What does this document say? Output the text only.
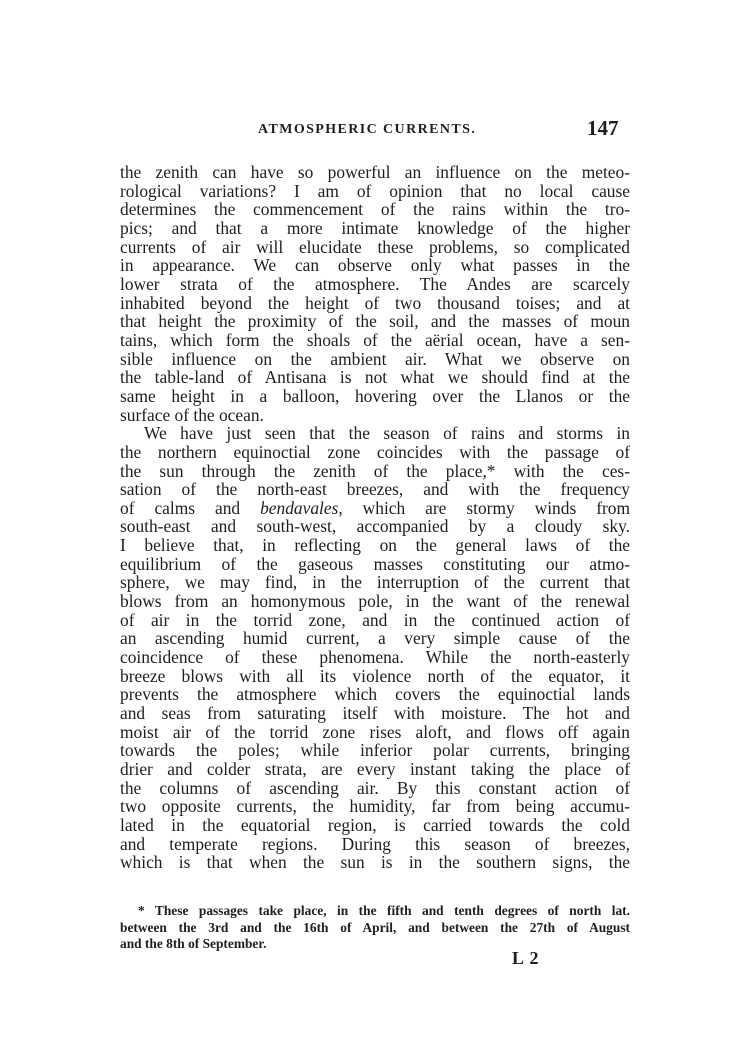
ATMOSPHERIC CURRENTS.	147
the zenith can have so powerful an influence on the meteo-
rological variations? I am of opinion that no local cause
determines the commencement of the rains within the tro-
pics; and that a more intimate knowledge of the higher
currents of air will elucidate these problems, so complicated
in appearance. We can observe only what passes in the
lower strata of the atmosphere. The Andes are scarcely
inhabited beyond the height of two thousand toises; and at
that height the proximity of the soil, and the masses of moun
tains, which form the shoals of the aërial ocean, have a sen-
sible influence on the ambient air. What we observe on
the table-land of Antisana is not what we should find at the
same height in a balloon, hovering over the Llanos or the
surface of the ocean.
We have just seen that the season of rains and storms in
the northern equinoctial zone coincides with the passage of
the sun through the zenith of the place,* with the ces-
sation of the north-east breezes, and with the frequency
of calms and bendavales, which are stormy winds from
south-east and south-west, accompanied by a cloudy sky.
I believe that, in reflecting on the general laws of the
equilibrium of the gaseous masses constituting our atmo-
sphere, we may find, in the interruption of the current that
blows from an homonymous pole, in the want of the renewal
of air in the torrid zone, and in the continued action of
an ascending humid current, a very simple cause of the
coincidence of these phenomena. While the north-easterly
breeze blows with all its violence north of the equator, it
prevents the atmosphere which covers the equinoctial lands
and seas from saturating itself with moisture. The hot and
moist air of the torrid zone rises aloft, and flows off again
towards the poles; while inferior polar currents, bringing
drier and colder strata, are every instant taking the place of
the columns of ascending air. By this constant action of
two opposite currents, the humidity, far from being accumu-
lated in the equatorial region, is carried towards the cold
and temperate regions. During this season of breezes,
which is that when the sun is in the southern signs, the
* These passages take place, in the fifth and tenth degrees of north lat.
between the 3rd and the 16th of April, and between the 27th of August
and the 8th of September.
L 2
